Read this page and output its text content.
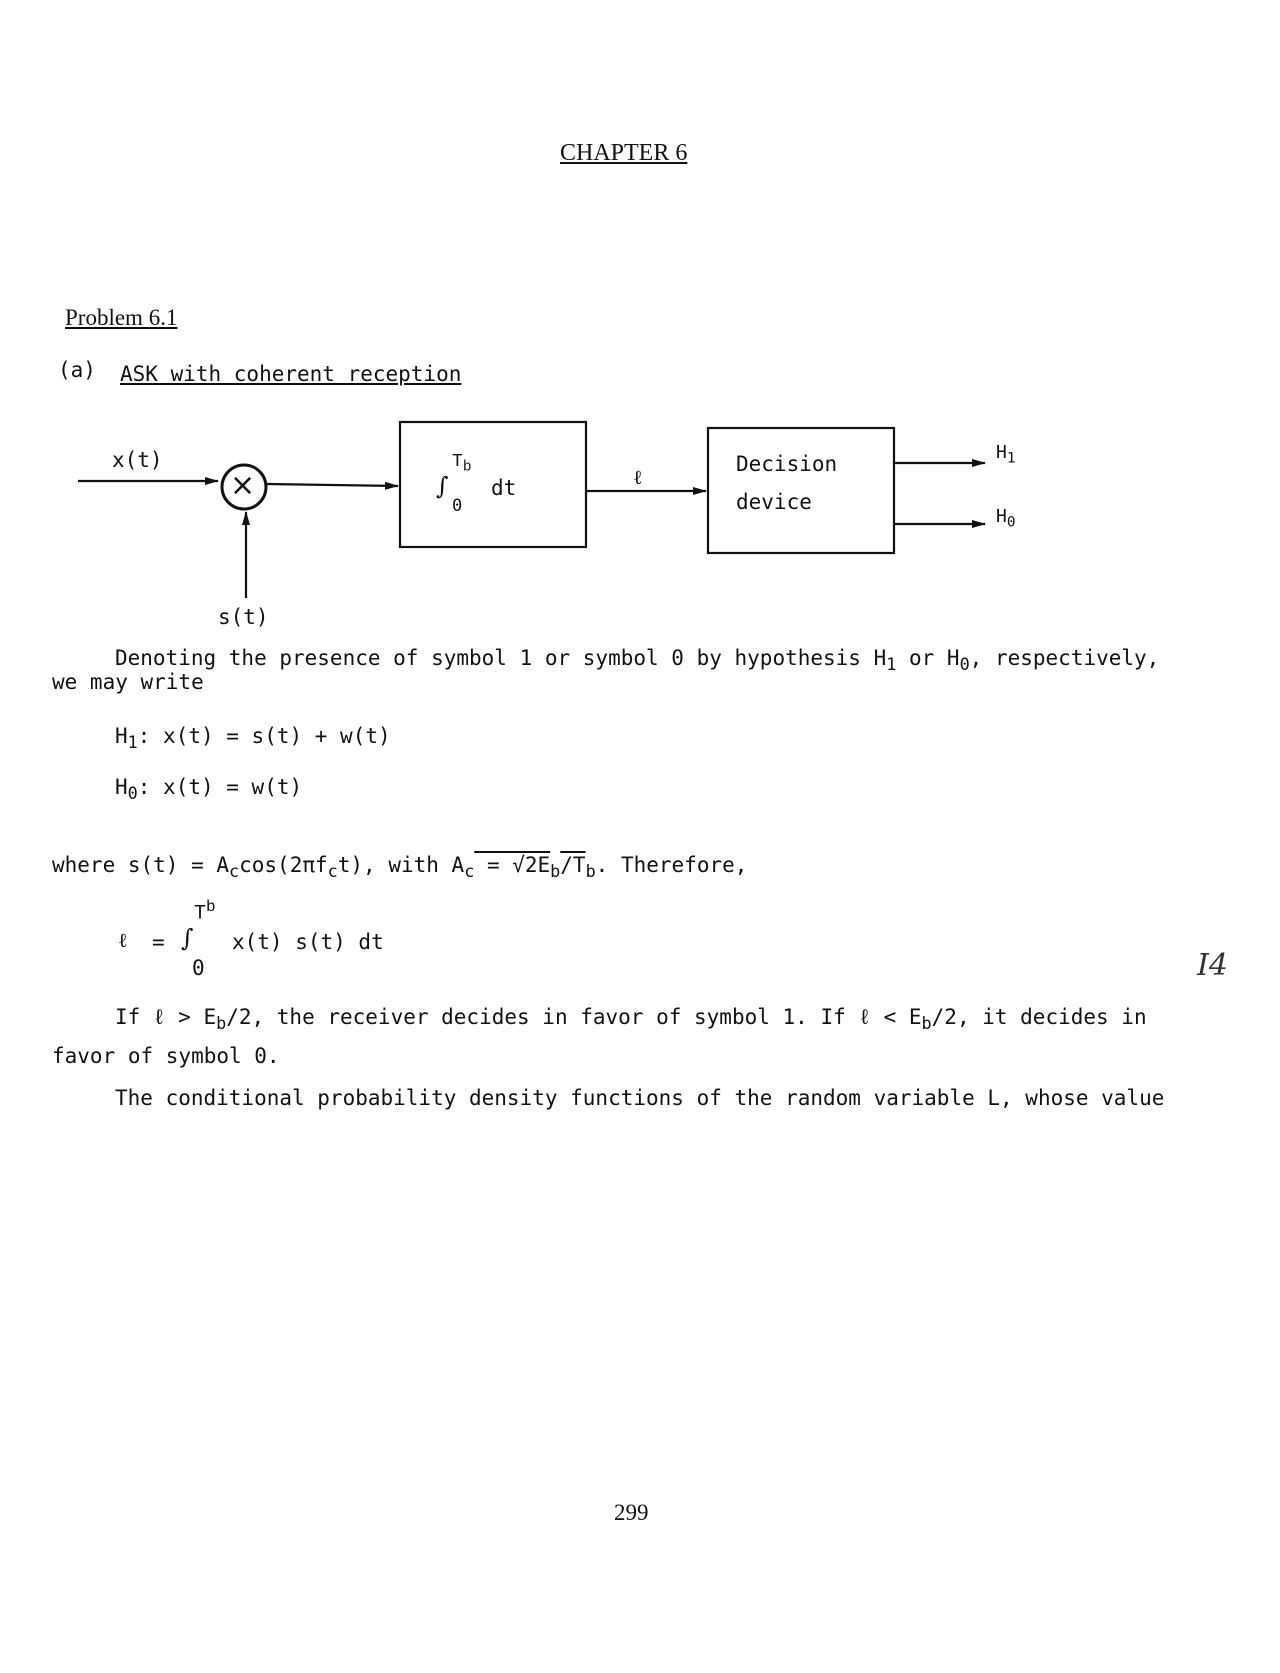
CHAPTER 6
Problem 6.1
(a) ASK with coherent reception
x(t)
×
s(t)
$T_b$
∫
0
dt	ℓ
Decision
device
$H_1$
$H_0$
Denoting the presence of symbol 1 or symbol 0 by hypothesis $H_1$ or $H_0$, respectively,
we may write
$H_1$: x(t) = s(t) + w(t)
$H_0$: x(t) = w(t)
where $s(t) = A_c\cos(2\pi f_ct)$, with $A_c = √2E_b/T_b$. Therefore,
$T^b$
ℓ = ∫ x(t) s(t) dt
0	I4
If ℓ > $E_b/2$, the receiver decides in favor of symbol 1. If ℓ < $E_b/2$, it decides in
favor of symbol 0.
The conditional probability density functions of the random variable L, whose value
299
